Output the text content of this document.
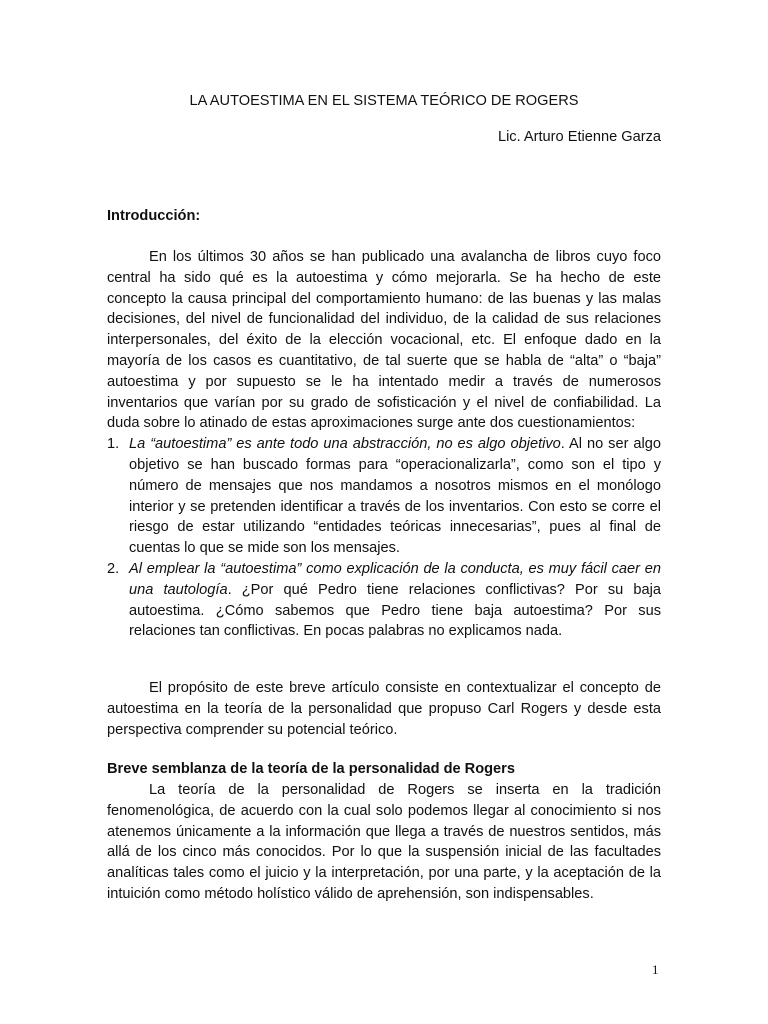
LA AUTOESTIMA EN EL SISTEMA TEÓRICO DE ROGERS
Lic. Arturo Etienne Garza

Introducción:

En los últimos 30 años se han publicado una avalancha de libros cuyo foco central ha sido qué es la autoestima y cómo mejorarla. Se ha hecho de este concepto la causa principal del comportamiento humano: de las buenas y las malas decisiones, del nivel de funcionalidad del individuo, de la calidad de sus relaciones interpersonales, del éxito de la elección vocacional, etc. El enfoque dado en la mayoría de los casos es cuantitativo, de tal suerte que se habla de “alta” o “baja” autoestima y por supuesto se le ha intentado medir a través de numerosos inventarios que varían por su grado de sofisticación y el nivel de confiabilidad. La duda sobre lo atinado de estas aproximaciones surge ante dos cuestionamientos:

1. La “autoestima” es ante todo una abstracción, no es algo objetivo. Al no ser algo objetivo se han buscado formas para “operacionalizarla”, como son el tipo y número de mensajes que nos mandamos a nosotros mismos en el monólogo interior y se pretenden identificar a través de los inventarios. Con esto se corre el riesgo de estar utilizando “entidades teóricas innecesarias”, pues al final de cuentas lo que se mide son los mensajes.
2. Al emplear la “autoestima” como explicación de la conducta, es muy fácil caer en una tautología. ¿Por qué Pedro tiene relaciones conflictivas? Por su baja autoestima. ¿Cómo sabemos que Pedro tiene baja autoestima? Por sus relaciones tan conflictivas. En pocas palabras no explicamos nada.

El propósito de este breve artículo consiste en contextualizar el concepto de autoestima en la teoría de la personalidad que propuso Carl Rogers y desde esta perspectiva comprender su potencial teórico.

Breve semblanza de la teoría de la personalidad de Rogers

La teoría de la personalidad de Rogers se inserta en la tradición fenomenológica, de acuerdo con la cual solo podemos llegar al conocimiento si nos atenemos únicamente a la información que llega a través de nuestros sentidos, más allá de los cinco más conocidos. Por lo que la suspensión inicial de las facultades analíticas tales como el juicio y la interpretación, por una parte, y la aceptación de la intuición como método holístico válido de aprehensión, son indispensables.

1
